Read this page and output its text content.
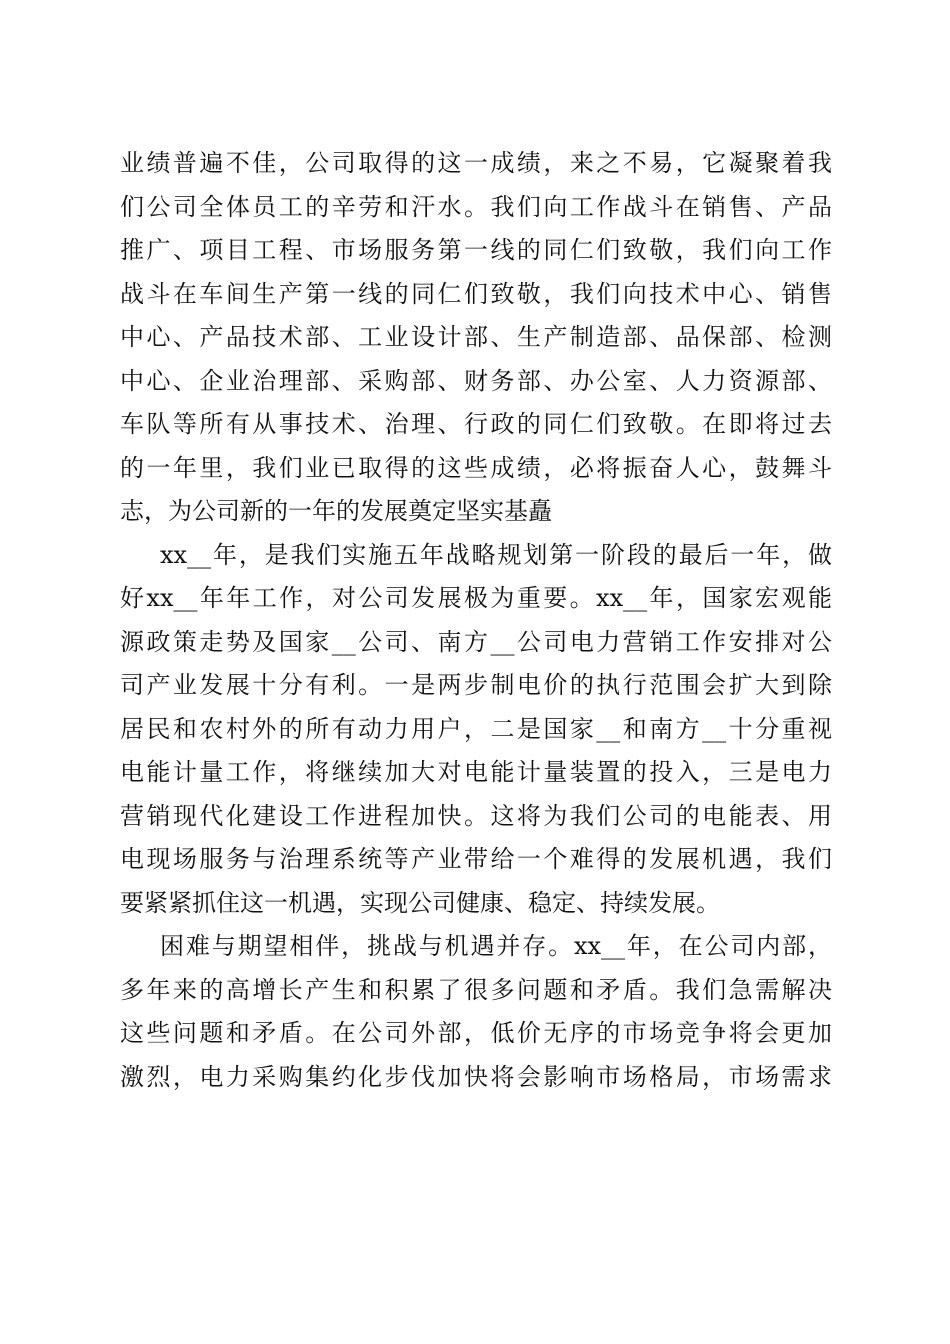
业绩普遍不佳，公司取得的这一成绩，来之不易，它凝聚着我
们公司全体员工的辛劳和汗水。我们向工作战斗在销售、产品
推广、项目工程、市场服务第一线的同仁们致敬，我们向工作
战斗在车间生产第一线的同仁们致敬，我们向技术中心、销售
中心、产品技术部、工业设计部、生产制造部、品保部、检测
中心、企业治理部、采购部、财务部、办公室、人力资源部、
车队等所有从事技术、治理、行政的同仁们致敬。在即将过去
的一年里，我们业已取得的这些成绩，必将振奋人心，鼓舞斗
志，为公司新的一年的发展奠定坚实基矗
xx__年，是我们实施五年战略规划第一阶段的最后一年，做
好xx__年年工作，对公司发展极为重要。xx__年，国家宏观能
源政策走势及国家__公司、南方__公司电力营销工作安排对公
司产业发展十分有利。一是两步制电价的执行范围会扩大到除
居民和农村外的所有动力用户，二是国家__和南方__十分重视
电能计量工作，将继续加大对电能计量装置的投入，三是电力
营销现代化建设工作进程加快。这将为我们公司的电能表、用
电现场服务与治理系统等产业带给一个难得的发展机遇，我们
要紧紧抓住这一机遇，实现公司健康、稳定、持续发展。
困难与期望相伴，挑战与机遇并存。xx__年，在公司内部，
多年来的高增长产生和积累了很多问题和矛盾。我们急需解决
这些问题和矛盾。在公司外部，低价无序的市场竞争将会更加
激烈，电力采购集约化步伐加快将会影响市场格局，市场需求
